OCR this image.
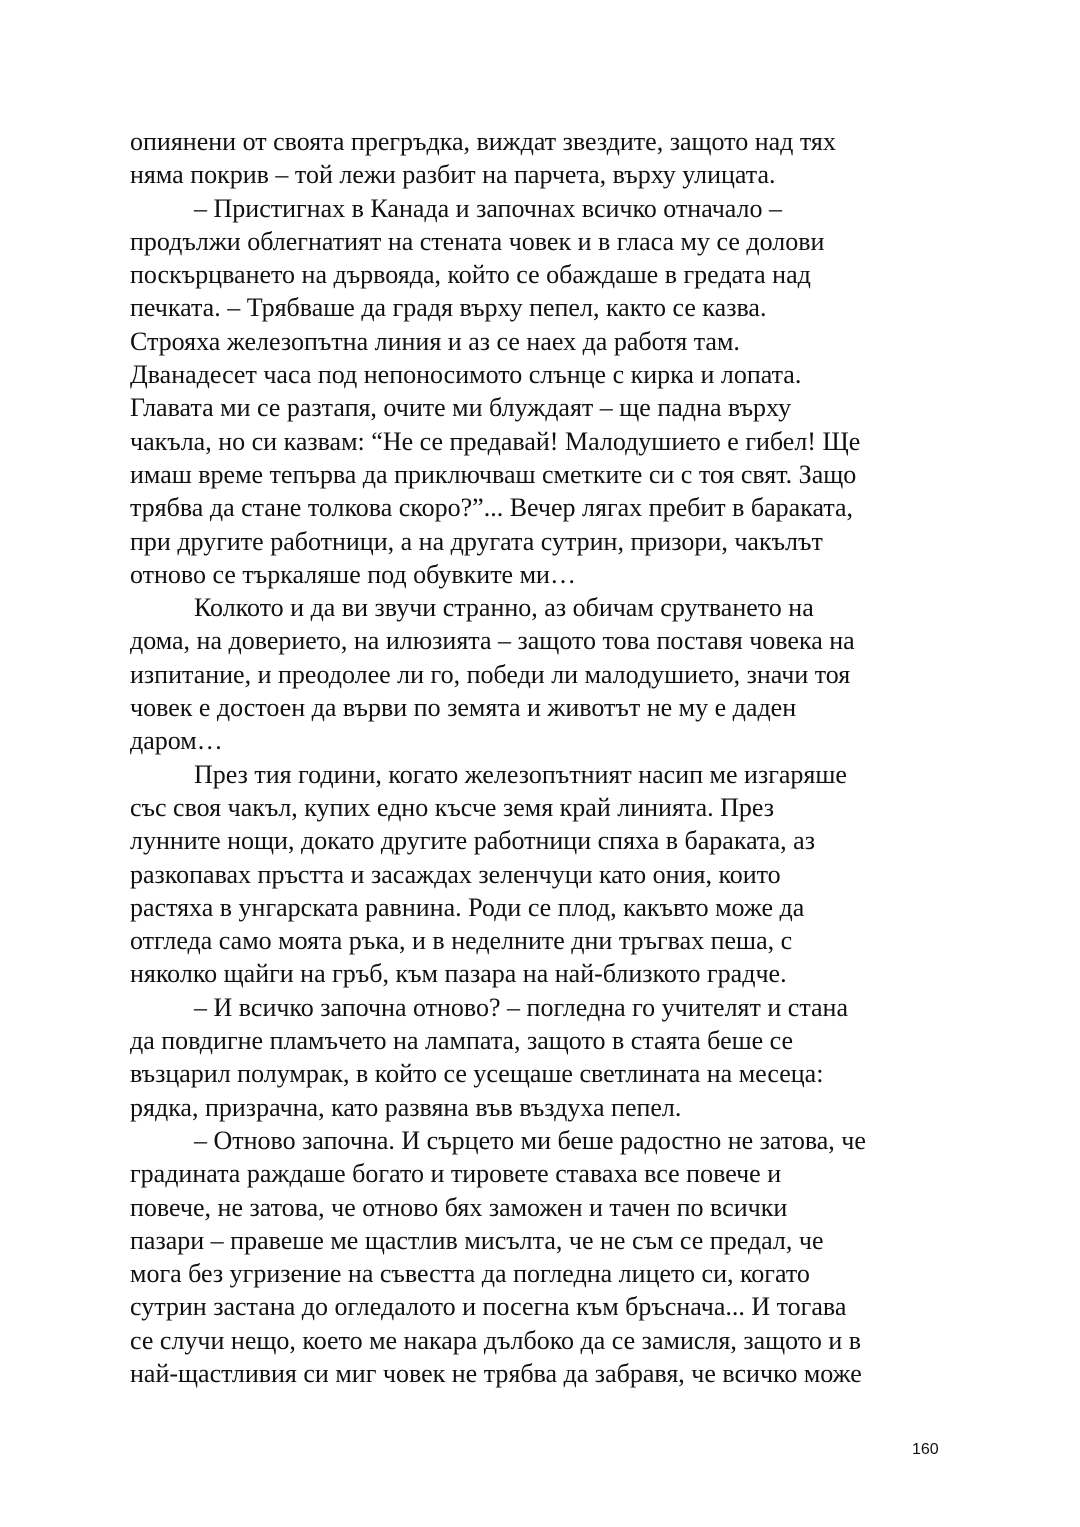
опиянени от своята прегръдка, виждат звездите, защото над тях
няма покрив – той лежи разбит на парчета, върху улицата.
– Пристигнах в Канада и започнах всичко отначало –
продължи облегнатият на стената човек и в гласа му се долови
поскърцването на дървояда, който се обаждаше в гредата над
печката. – Трябваше да градя върху пепел, както се казва.
Строяха железопътна линия и аз се наех да работя там.
Дванадесет часа под непоносимото слънце с кирка и лопата.
Главата ми се разтапя, очите ми блуждаят – ще падна върху
чакъла, но си казвам: “Не се предавай! Малодушието е гибел! Ще
имаш време тепърва да приключваш сметките си с тоя свят. Защо
трябва да стане толкова скоро?”... Вечер лягах пребит в бараката,
при другите работници, а на другата сутрин, призори, чакълът
отново се търкаляше под обувките ми…
Колкото и да ви звучи странно, аз обичам срутването на
дома, на доверието, на илюзията – защото това поставя човека на
изпитание, и преодолее ли го, победи ли малодушието, значи тоя
човек е достоен да върви по земята и животът не му е даден
даром…
През тия години, когато железопътният насип ме изгаряше
със своя чакъл, купих едно късче земя край линията. През
лунните нощи, докато другите работници спяха в бараката, аз
разкопавах пръстта и засаждах зеленчуци като ония, които
растяха в унгарската равнина. Роди се плод, какъвто може да
отгледа само моята ръка, и в неделните дни тръгвах пеша, с
няколко щайги на гръб, към пазара на най-близкото градче.
– И всичко започна отново? – погледна го учителят и стана
да повдигне пламъчето на лампата, защото в стаята беше се
възцарил полумрак, в който се усещаше светлината на месеца:
рядка, призрачна, като развяна във въздуха пепел.
– Отново започна. И сърцето ми беше радостно не затова, че
градината раждаше богато и тировете ставаха все повече и
повече, не затова, че отново бях заможен и тачен по всички
пазари – правеше ме щастлив мисълта, че не съм се предал, че
мога без угризение на съвестта да погледна лицето си, когато
сутрин застана до огледалото и посегна към бръснача... И тогава
се случи нещо, което ме накара дълбоко да се замисля, защото и в
най-щастливия си миг човек не трябва да забравя, че всичко може
160
